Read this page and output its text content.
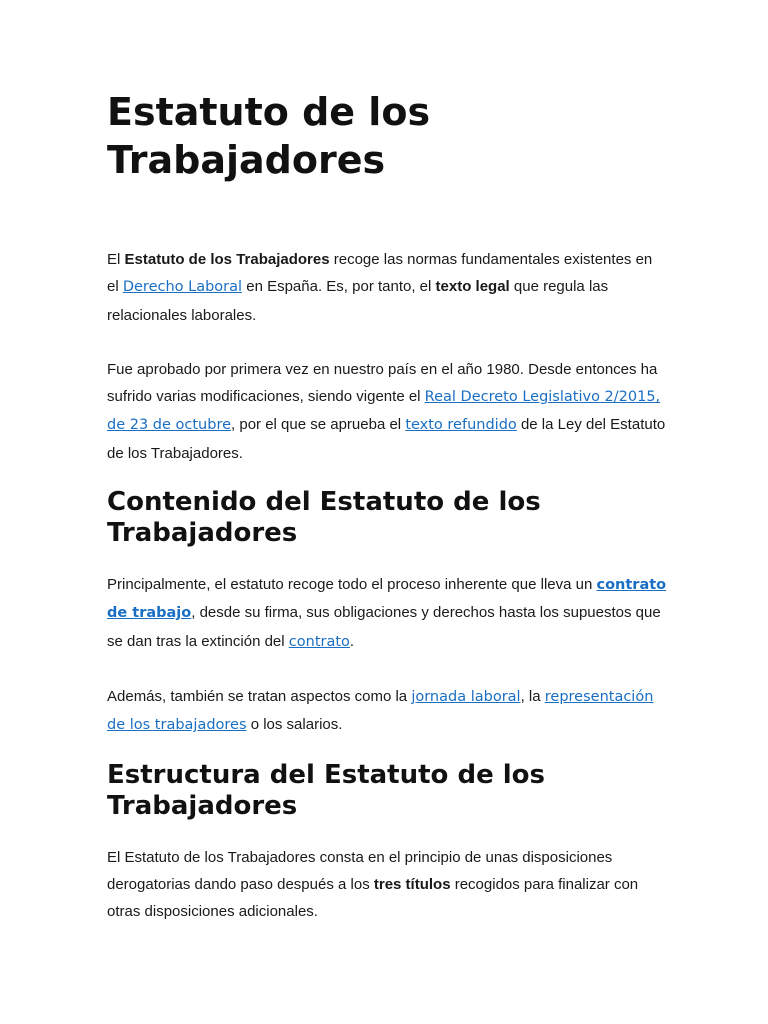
Estatuto de los Trabajadores

El Estatuto de los Trabajadores recoge las normas fundamentales existentes en el Derecho Laboral en España. Es, por tanto, el texto legal que regula las relacionales laborales.

Fue aprobado por primera vez en nuestro país en el año 1980. Desde entonces ha sufrido varias modificaciones, siendo vigente el Real Decreto Legislativo 2/2015, de 23 de octubre, por el que se aprueba el texto refundido de la Ley del Estatuto de los Trabajadores.

Contenido del Estatuto de los Trabajadores

Principalmente, el estatuto recoge todo el proceso inherente que lleva un contrato de trabajo, desde su firma, sus obligaciones y derechos hasta los supuestos que se dan tras la extinción del contrato.

Además, también se tratan aspectos como la jornada laboral, la representación de los trabajadores o los salarios.

Estructura del Estatuto de los Trabajadores

El Estatuto de los Trabajadores consta en el principio de unas disposiciones derogatorias dando paso después a los tres títulos recogidos para finalizar con otras disposiciones adicionales.
